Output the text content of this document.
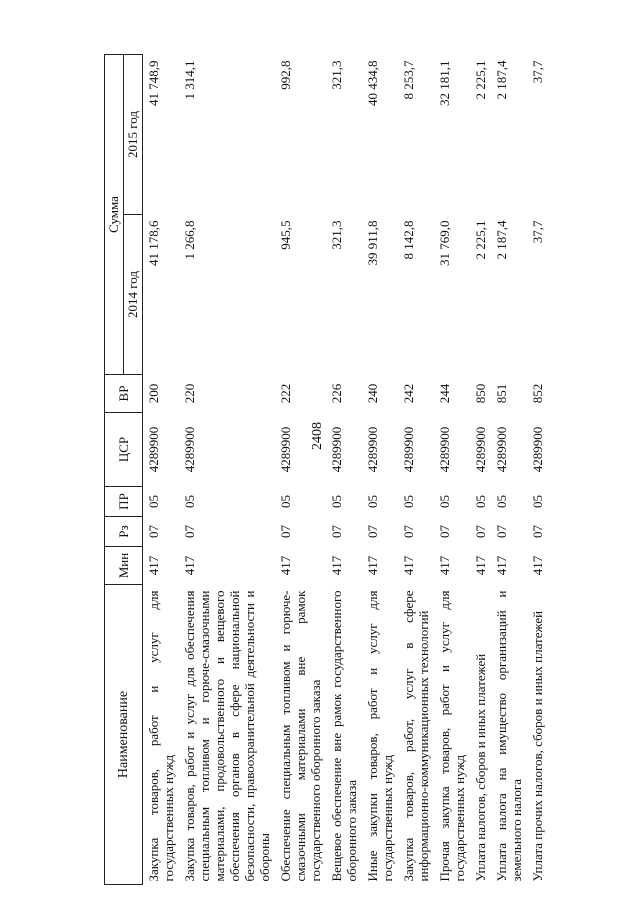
2408
Наименование	Мин	Рз	ПР	ЦСР	ВР	Сумма	
						2014 год	2015 год
Закупка товаров, работ и услуг для государственных нужд	417	07	05	4289900	200	41 178,6	41 748,9
Закупка товаров, работ и услуг для обеспечения специальным топливом и горюче-смазочными материалами, продовольственного и вещевого обеспечения органов в сфере национальной безопасности, правоохранительной деятельности и обороны	417	07	05	4289900	220	1 266,8	1 314,1
Обеспечение специальным топливом и горюче-смазочными материалами вне рамок государственного оборонного заказа	417	07	05	4289900	222	945,5	992,8
Вещевое обеспечение вне рамок государственного оборонного заказа	417	07	05	4289900	226	321,3	321,3
Иные закупки товаров, работ и услуг для государственных нужд	417	07	05	4289900	240	39 911,8	40 434,8
Закупка товаров, работ, услуг в сфере информационно-коммуникационных технологий	417	07	05	4289900	242	8 142,8	8 253,7
Прочая закупка товаров, работ и услуг для государственных нужд	417	07	05	4289900	244	31 769,0	32 181,1
Уплата налогов, сборов и иных платежей	417	07	05	4289900	850	2 225,1	2 225,1
Уплата налога на имущество организаций и земельного налога	417	07	05	4289900	851	2 187,4	2 187,4
Уплата прочих налогов, сборов и иных платежей	417	07	05	4289900	852	37,7	37,7
